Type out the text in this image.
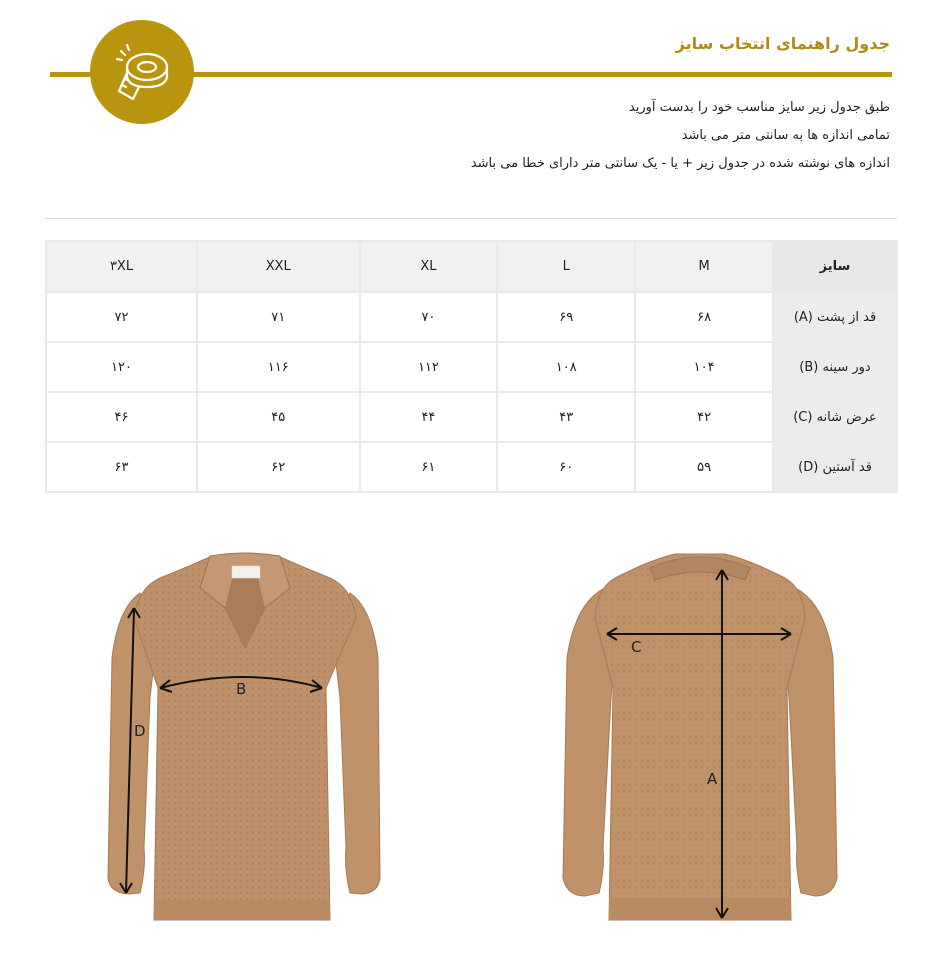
جدول راهنمای انتخاب سایز
طبق جدول زیر سایز مناسب خود را بدست آورید
تمامی اندازه ها به سانتی متر می باشد
اندازه های نوشته شده در جدول زیر + یا - یک سانتی متر دارای خطا می باشد
سایز	M	L	XL	XXL	۳XL
قد از پشت (A)	۶۸	۶۹	۷۰	۷۱	۷۲
دور سینه (B)	۱۰۴	۱۰۸	۱۱۲	۱۱۶	۱۲۰
عرض شانه (C)	۴۲	۴۳	۴۴	۴۵	۴۶
قد آستین (D)	۵۹	۶۰	۶۱	۶۲	۶۳
B
D
C
A
